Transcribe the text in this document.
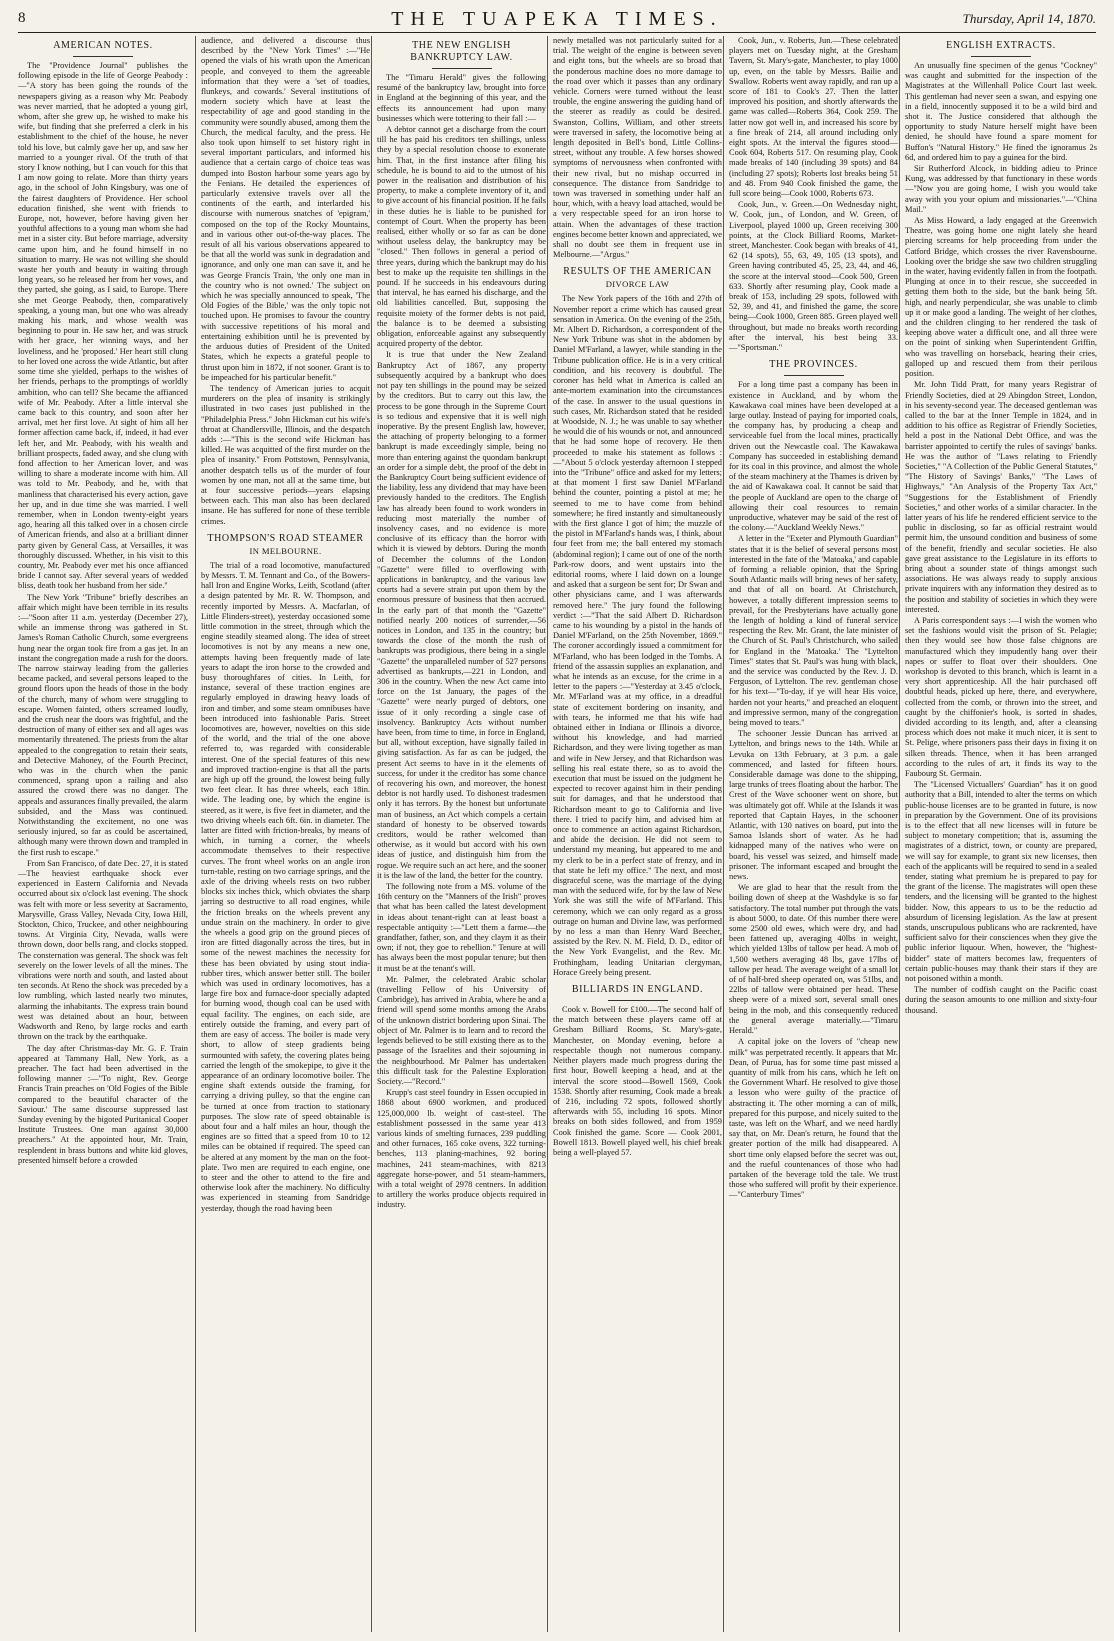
8	THE TUAPEKA TIMES.	Thursday, April 14, 1870.
AMERICAN NOTES.

The "Providence Journal" publishes the following episode in the life of George Peabody :—"A story has been going the rounds of the newspapers giving as a reason why Mr. Peabody was never married, that he adopted a young girl, whom, after she grew up, he wished to make his wife, but finding that she preferred a clerk in his establishment to the chief of the house, he never told his love, but calmly gave her up, and saw her married to a younger rival. Of the truth of that story I know nothing, but I can vouch for this that I am now going to relate. More than thirty years ago, in the school of John Kingsbury, was one of the fairest daughters of Providence. Her school education finished, she went with friends to Europe, not, however, before having given her youthful affections to a young man whom she had met in a sister city. But before marriage, adversity came upon him, and he found himself in no situation to marry. He was not willing she should waste her youth and beauty in waiting through long years, so he released her from her vows, and they parted, she going, as I said, to Europe. There she met George Peabody, then, comparatively speaking, a young man, but one who was already making his mark, and whose wealth was beginning to pour in. He saw her, and was struck with her grace, her winning ways, and her loveliness, and he 'proposed.' Her heart still clung to her loved one across the wide Atlantic, but after some time she yielded, perhaps to the wishes of her friends, perhaps to the promptings of worldly ambition, who can tell? She became the affianced wife of Mr. Peabody. After a little interval she came back to this country, and soon after her arrival, met her first love. At sight of him all her former affection came back, if, indeed, it had ever left her, and Mr. Peabody, with his wealth and brilliant prospects, faded away, and she clung with fond affection to her American lover, and was willing to share a moderate income with him. All was told to Mr. Peabody, and he, with that manliness that characterised his every action, gave her up, and in due time she was married. I well remember, when in London twenty-eight years ago, hearing all this talked over in a chosen circle of American friends, and also at a brilliant dinner party given by General Cass, at Versailles, it was thoroughly discussed. Whether, in his visit to this country, Mr. Peabody ever met his once affianced bride I cannot say. After several years of wedded bliss, death took her husband from her side."

The New York "Tribune" briefly describes an affair which might have been terrible in its results :—"Soon after 11 a.m. yesterday (December 27), while an immense throng was gathered in St. James's Roman Catholic Church, some evergreens hung near the organ took fire from a gas jet. In an instant the congregation made a rush for the doors. The narrow stairway leading from the galleries became packed, and several persons leaped to the ground floors upon the heads of those in the body of the church, many of whom were struggling to escape. Women fainted, others screamed loudly, and the crush near the doors was frightful, and the destruction of many of either sex and all ages was momentarily threatened. The priests from the altar appealed to the congregation to retain their seats, and Detective Mahoney, of the Fourth Precinct, who was in the church when the panic commenced, sprang upon a railing and also assured the crowd there was no danger. The appeals and assurances finally prevailed, the alarm subsided, and the Mass was continued. Notwithstanding the excitement, no one was seriously injured, so far as could be ascertained, although many were thrown down and trampled in the first rush to escape."

From San Francisco, of date Dec. 27, it is stated—The heaviest earthquake shock ever experienced in Eastern California and Nevada occurred about six o'clock last evening. The shock was felt with more or less severity at Sacramento, Marysville, Grass Valley, Nevada City, Iowa Hill, Stockton, Chico, Truckee, and other neighbouring towns. At Virginia City, Nevada, walls were thrown down, door bells rang, and clocks stopped. The consternation was general. The shock was felt severely on the lower levels of all the mines. The vibrations were north and south, and lasted about ten seconds. At Reno the shock was preceded by a low rumbling, which lasted nearly two minutes, alarming the inhabitants. The express train bound west was detained about an hour, between Wadsworth and Reno, by large rocks and earth thrown on the track by the earthquake.

The day after Christmas-day Mr. G. F. Train appeared at Tammany Hall, New York, as a preacher. The fact had been advertised in the following manner :—"To night, Rev. George Francis Train preaches on 'Old Fogies of the Bible compared to the beautiful character of the Saviour.' The same discourse suppressed last Sunday evening by the bigoted Puritanical Cooper Institute Trustees. One man against 30,000 preachers." At the appointed hour, Mr. Train, resplendent in brass buttons and white kid gloves, presented himself before a crowded

audience, and delivered a discourse thus described by the "New York Times" :—"He opened the vials of his wrath upon the American people, and conveyed to them the agreeable information that they were a 'set of toadies, flunkeys, and cowards.' Several institutions of modern society which have at least the respectability of age and good standing in the community were soundly abused, among them the Church, the medical faculty, and the press. He also took upon himself to set history right in several important particulars, and informed his audience that a certain cargo of choice teas was dumped into Boston harbour some years ago by the Fenians. He detailed the experiences of particularly extensive travels over all the continents of the earth, and interlarded his discourse with numerous snatches of 'epigram,' composed on the top of the Rocky Mountains, and in various other out-of-the-way places. The result of all his various observations appeared to be that all the world was sunk in degradation and ignorance, and only one man can save it, and he was George Francis Train, 'the only one man in the country who is not owned.' The subject on which he was specially announced to speak, 'The Old Fogies of the Bible,' was the only topic not touched upon. He promises to favour the country with successive repetitions of his moral and entertaining exhibition until he is prevented by the arduous duties of President of the United States, which he expects a grateful people to thrust upon him in 1872, if not sooner. Grant is to be impeached for his particular benefit."

The tendency of American juries to acquit murderers on the plea of insanity is strikingly illustrated in two cases just published in the "Philadelphia Press." John Hickman cut his wife's throat at Chandlersville, Illinois, and the despatch adds :—"This is the second wife Hickman has killed. He was acquitted of the first murder on the plea of insanity." From Pottstown, Pennsylvania, another despatch tells us of the murder of four women by one man, not all at the same time, but at four successive periods—years elapsing between each. This man also has been declared insane. He has suffered for none of these terrible crimes.

THOMPSON'S ROAD STEAMER
IN MELBOURNE.

The trial of a road locomotive, manufactured by Messrs. T. M. Tennant and Co., of the Bowers-hall Iron and Engine Works, Leith, Scotland (after a design patented by Mr. R. W. Thompson, and recently imported by Messrs. A. Macfarlan, of Little Flinders-street), yesterday occasioned some little commotion in the street, through which the engine steadily steamed along. The idea of street locomotives is not by any means a new one, attempts having been frequently made of late years to adapt the iron horse to the crowded and busy thoroughfares of cities. In Leith, for instance, several of these traction engines are regularly employed in drawing heavy loads of iron and timber, and some steam omnibuses have been introduced into fashionable Paris. Street locomotives are, however, novelties on this side of the world, and the trial of the one above referred to, was regarded with considerable interest. One of the special features of this new and improved traction-engine is that all the parts are high up off the ground, the lowest being fully two feet clear. It has three wheels, each 18in. wide. The leading one, by which the engine is steered, as it were, is five feet in diameter, and the two driving wheels each 6ft. 6in. in diameter. The latter are fitted with friction-breaks, by means of which, in turning a corner, the wheels accommodate themselves to their respective curves. The front wheel works on an angle iron turn-table, resting on two carriage springs, and the axle of the driving wheels rests on two rubber blocks six inches thick, which obviates the sharp jarring so destructive to all road engines, while the friction breaks on the wheels prevent any undue strain on the machinery. In order to give the wheels a good grip on the ground pieces of iron are fitted diagonally across the tires, but in some of the newest machines the necessity for these has been obviated by using stout india-rubber tires, which answer better still. The boiler which was used in ordinary locomotives, has a large fire box and furnace-door specially adapted for burning wood, though coal can be used with equal facility. The engines, on each side, are entirely outside the framing, and every part of them are easy of access. The boiler is made very short, to allow of steep gradients being surmounted with safety, the covering plates being carried the length of the smokepipe, to give it the appearance of an ordinary locomotive boiler. The engine shaft extends outside the framing, for carrying a driving pulley, so that the engine can be turned at once from traction to stationary purposes. The slow rate of speed obtainable is about four and a half miles an hour, though the engines are so fitted that a speed from 10 to 12 miles can be obtained if required. The speed can be altered at any moment by the man on the foot-plate. Two men are required to each engine, one to steer and the other to attend to the fire and otherwise look after the machinery. No difficulty was experienced in steaming from Sandridge yesterday, though the road having been

THE NEW ENGLISH BANKRUPTCY LAW.

The "Timaru Herald" gives the following resumé of the bankruptcy law, brought into force in England at the beginning of this year, and the effects its announcement had upon many businesses which were tottering to their fall :—

A debtor cannot get a discharge from the court till he has paid his creditors ten shillings, unless they by a special resolution choose to exonerate him. That, in the first instance after filing his schedule, he is bound to aid to the utmost of his power in the realisation and distribution of his property, to make a complete inventory of it, and to give account of his financial position. If he fails in these duties he is liable to be punished for contempt of Court. When the property has been realised, either wholly or so far as can be done without useless delay, the bankruptcy may be "closed." Then follows in general a period of three years, during which the bankrupt may do his best to make up the requisite ten shillings in the pound. If he succeeds in his endeavours during that interval, he has earned his discharge, and the old liabilities cancelled. But, supposing the requisite moiety of the former debts is not paid, the balance is to be deemed a subsisting obligation, enforceable against any subsequently acquired property of the debtor.

It is true that under the New Zealand Bankruptcy Act of 1867, any property subsequently acquired by a bankrupt who does not pay ten shillings in the pound may be seized by the creditors. But to carry out this law, the process to be gone through in the Supreme Court is so tedious and expensive that it is well nigh inoperative. By the present English law, however, the attaching of property belonging to a former bankrupt is made exceedingly simple, being no more than entering against the quondam bankrupt an order for a simple debt, the proof of the debt in the Bankruptcy Court being sufficient evidence of the liability, less any dividend that may have been previously handed to the creditors. The English law has already been found to work wonders in reducing most materially the number of insolvency cases, and no evidence is more conclusive of its efficacy than the horror with which it is viewed by debtors. During the month of December the columns of the London "Gazette" were filled to overflowing with applications in bankruptcy, and the various law courts had a severe strain put upon them by the enormous pressure of business that then accrued. In the early part of that month the "Gazette" notified nearly 200 notices of surrender,—56 notices in London, and 135 in the country; but towards the close of the month the rush of bankrupts was prodigious, there being in a single "Gazette" the unparalleled number of 527 persons advertised as bankrupts,—221 in London, and 306 in the country. When the new Act came into force on the 1st January, the pages of the "Gazette" were nearly purged of debtors, one issue of it only recording a single case of insolvency. Bankruptcy Acts without number have been, from time to time, in force in England, but all, without exception, have signally failed in giving satisfaction. As far as can be judged, the present Act seems to have in it the elements of success, for under it the creditor has some chance of recovering his own, and moreover, the honest debtor is not hardly used. To dishonest tradesmen only it has terrors. By the honest but unfortunate man of business, an Act which compels a certain standard of honesty to be observed towards creditors, would be rather welcomed than otherwise, as it would but accord with his own ideas of justice, and distinguish him from the rogue. We require such an act here, and the sooner it is the law of the land, the better for the country.

The following note from a MS. volume of the 16th century on the "Manners of the Irish" proves that what has been called the latest development in ideas about tenant-right can at least boast a respectable antiquity :—"Lett them a farme—the grandfather, father, son, and they claym it as their own; if not, they goe to rebellion." Tenure at will has always been the most popular tenure; but then it must be at the tenant's will.

Mr. Palmer, the celebrated Arabic scholar (travelling Fellow of his University of Cambridge), has arrived in Arabia, where he and a friend will spend some months among the Arabs of the unknown district bordering upon Sinai. The object of Mr. Palmer is to learn and to record the legends believed to be still existing there as to the passage of the Israelites and their sojourning in the neighbourhood. Mr Palmer has undertaken this difficult task for the Palestine Exploration Society.—"Record."

Krupp's cast steel foundry in Essen occupied in 1868 about 6900 workmen, and produced 125,000,000 lb. weight of cast-steel. The establishment possessed in the same year 413 various kinds of smelting furnaces, 239 puddling and other furnaces, 165 coke ovens, 322 turning-benches, 113 planing-machines, 92 boring machines, 241 steam-machines, with 8213 aggregate horse-power, and 51 steam-hammers, with a total weight of 2978 centners. In addition to artillery the works produce objects required in industry.

newly metalled was not particularly suited for a trial. The weight of the engine is between seven and eight tons, but the wheels are so broad that the ponderous machine does no more damage to the road over which it passes than any ordinary vehicle. Corners were turned without the least trouble, the engine answering the guiding hand of the steerer as readily as could be desired. Swanston, Collins, William, and other streets were traversed in safety, the locomotive being at length deposited in Bell's bond, Little Collins-street, without any trouble. A few horses showed symptoms of nervousness when confronted with their new rival, but no mishap occurred in consequence. The distance from Sandridge to town was traversed in something under half an hour, which, with a heavy load attached, would be a very respectable speed for an iron horse to attain. When the advantages of these traction engines become better known and appreciated, we shall no doubt see them in frequent use in Melbourne.—"Argus."

RESULTS OF THE AMERICAN
DIVORCE LAW

The New York papers of the 16th and 27th of November report a crime which has caused great sensation in America. On the evening of the 25th, Mr. Albert D. Richardson, a correspondent of the New York Tribune was shot in the abdomen by Daniel M'Farland, a lawyer, while standing in the Tribune publication office. He is in a very critical condition, and his recovery is doubtful. The coroner has held what in America is called an ante-mortem examination into the circumstances of the case. In answer to the usual questions in such cases, Mr. Richardson stated that he resided at Woodside, N. J.; he was unable to say whether he would die of his wounds or not, and announced that he had some hope of recovery. He then proceeded to make his statement as follows :—"About 5 o'clock yesterday afternoon I stepped into the "Tribune" office and asked for my letters; at that moment I first saw Daniel M'Farland behind the counter, pointing a pistol at me; he seemed to me to have come from behind somewhere; he fired instantly and simultaneously with the first glance I got of him; the muzzle of the pistol in M'Farland's hands was, I think, about four feet from me; the ball entered my stomach (abdominal region); I came out of one of the north Park-row doors, and went upstairs into the editorial rooms, where I laid down on a lounge and asked that a surgeon be sent for; Dr Swan and other physicians came, and I was afterwards removed here." The jury found the following verdict :—"That the said Albert D. Richardson came to his wounding by a pistol in the hands of Daniel M'Farland, on the 25th November, 1869." The coroner accordingly issued a commitment for M'Farland, who has been lodged in the Tombs. A friend of the assassin supplies an explanation, and what he intends as an excuse, for the crime in a letter to the papers :—"Yesterday at 3.45 o'clock, Mr. M'Farland was at my office, in a dreadful state of excitement bordering on insanity, and with tears, he informed me that his wife had obtained either in Indiana or Illinois a divorce, without his knowledge, and had married Richardson, and they were living together as man and wife in New Jersey, and that Richardson was selling his real estate there, so as to avoid the execution that must be issued on the judgment he expected to recover against him in their pending suit for damages, and that he understood that Richardson meant to go to California and live there. I tried to pacify him, and advised him at once to commence an action against Richardson, and abide the decision. He did not seem to understand my meaning, but appeared to me and my clerk to be in a perfect state of frenzy, and in that state he left my office." The next, and most disgraceful scene, was the marriage of the dying man with the seduced wife, for by the law of New York she was still the wife of M'Farland. This ceremony, which we can only regard as a gross outrage on human and Divine law, was performed by no less a man than Henry Ward Beecher, assisted by the Rev. N. M. Field, D. D., editor of the New York Evangelist, and the Rev. Mr. Frothingham, leading Unitarian clergyman, Horace Greely being present.

BILLIARDS IN ENGLAND.

Cook v. Bowell for £100.—The second half of the match between these players came off at Gresham Billiard Rooms, St. Mary's-gate, Manchester, on Monday evening, before a respectable though not numerous company. Neither players made much progress during the first hour, Bowell keeping a head, and at the interval the score stood—Bowell 1569, Cook 1538. Shortly after resuming, Cook made a break of 216, including 72 spots, followed shortly afterwards with 55, including 16 spots. Minor breaks on both sides followed, and from 1959 Cook finished the game. Score — Cook 2001, Bowell 1813. Bowell played well, his chief break being a well-played 57.

Cook, Jun., v. Roberts, Jun.—These celebrated players met on Tuesday night, at the Gresham Tavern, St. Mary's-gate, Manchester, to play 1000 up, even, on the table by Messrs. Bailie and Swallow. Roberts went away rapidly, and ran up a score of 181 to Cook's 27. Then the latter improved his position, and shortly afterwards the game was called—Roberts 364, Cook 259. The latter now got well in, and increased his score by a fine break of 214, all around including only eight spots. At the interval the figures stood—Cook 604, Roberts 517. On resuming play, Cook made breaks of 140 (including 39 spots) and 84 (including 27 spots); Roberts lost breaks being 51 and 48. From 940 Cook finished the game, the full score being—Cook 1000, Roberts 673.

Cook, Jun., v. Green.—On Wednesday night, W. Cook, jun., of London, and W. Green, of Liverpool, played 1000 up, Green receiving 300 points, at the Clock Billiard Rooms, Market-street, Manchester. Cook began with breaks of 41, 62 (14 spots), 55, 63, 49, 105 (13 spots), and Green having contributed 45, 25, 23, 44, and 46, the score at the interval stood—Cook 500, Green 633. Shortly after resuming play, Cook made a break of 153, including 29 spots, followed with 52, 39, and 41, and finished the game, the score being—Cook 1000, Green 885. Green played well throughout, but made no breaks worth recording after the interval, his best being 33.—"Sportsman."

THE PROVINCES.

For a long time past a company has been in existence in Auckland, and by whom the Kawakawa coal mines have been developed at a large outlay. Instead of paying for imported coals, the company has, by producing a cheap and serviceable fuel from the local mines, practically driven out the Newcastle coal. The Kawakawa Company has succeeded in establishing demand for its coal in this province, and almost the whole of the steam machinery at the Thames is driven by the aid of Kawakawa coal. It cannot be said that the people of Auckland are open to the charge of allowing their coal resources to remain unproductive, whatever may be said of the rest of the colony.—"Auckland Weekly News."

A letter in the "Exeter and Plymouth Guardian" states that it is the belief of several persons most interested in the fate of the 'Matoaka,' and capable of forming a reliable opinion, that the Spring South Atlantic mails will bring news of her safety, and that of all on board. At Christchurch, however, a totally different impression seems to prevail, for the Presbyterians have actually gone the length of holding a kind of funeral service respecting the Rev. Mr. Grant, the late minister of the Church of St. Paul's Christchurch, who sailed for England in the 'Matoaka.' The "Lyttelton Times" states that St. Paul's was hung with black, and the service was conducted by the Rev. J. D. Ferguson, of Lyttelton. The rev. gentleman chose for his text—"To-day, if ye will hear His voice, harden not your hearts," and preached an eloquent and impressive sermon, many of the congregation being moved to tears."

The schooner Jessie Duncan has arrived at Lyttelton, and brings news to the 14th. While at Levuka on 13th February, at 3 p.m. a gale commenced, and lasted for fifteen hours. Considerable damage was done to the shipping, large trunks of trees floating about the harbor. The Crest of the Wave schooner went on shore, but was ultimately got off. While at the Islands it was reported that Captain Hayes, in the schooner Atlantic, with 130 natives on board, put into the Samoa Islands short of water. As he had kidnapped many of the natives who were on board, his vessel was seized, and himself made prisoner. The informant escaped and brought the news.

We are glad to hear that the result from the boiling down of sheep at the Washdyke is so far satisfactory. The total number put through the vats is about 5000, to date. Of this number there were some 2500 old ewes, which were dry, and had been fattened up, averaging 40lbs in weight, which yielded 13lbs of tallow per head. A mob of 1,500 wethers averaging 48 lbs, gave 17lbs of tallow per head. The average weight of a small lot of of half-bred sheep operated on, was 51lbs, and 22lbs of tallow were obtained per head. These sheep were of a mixed sort, several small ones being in the mob, and this consequently reduced the general average materially.—"Timaru Herald."

A capital joke on the lovers of "cheap new milk" was perpetrated recently. It appears that Mr. Dean, of Purua, has for some time past missed a quantity of milk from his cans, which he left on the Government Wharf. He resolved to give those a lesson who were guilty of the practice of abstracting it. The other morning a can of milk, prepared for this purpose, and nicely suited to the taste, was left on the Wharf, and we need hardly say that, on Mr. Dean's return, he found that the greater portion of the milk had disappeared. A short time only elapsed before the secret was out, and the rueful countenances of those who had partaken of the beverage told the tale. We trust those who suffered will profit by their experience.—"Canterbury Times"

ENGLISH EXTRACTS.

An unusually fine specimen of the genus "Cockney" was caught and submitted for the inspection of the Magistrates at the Willenhall Police Court last week. This gentleman had never seen a swan, and espying one in a field, innocently supposed it to be a wild bird and shot it. The Justice considered that although the opportunity to study Nature herself might have been denied, he should have found a spare moment for Buffon's "Natural History." He fined the ignoramus 2s 6d, and ordered him to pay a guinea for the bird.

Sir Rutherford Alcock, in bidding adieu to Prince Kung, was addressed by that functionary in these words—"Now you are going home, I wish you would take away with you your opium and missionaries."—"China Mail."

As Miss Howard, a lady engaged at the Greenwich Theatre, was going home one night lately she heard piercing screams for help proceeding from under the Catford Bridge, which crosses the river Ravensbourne. Looking over the bridge she saw two children struggling in the water, having evidently fallen in from the footpath. Plunging at once in to their rescue, she succeeded in getting them both to the side, but the bank being 5ft. high, and nearly perpendicular, she was unable to climb up it or make good a landing. The weight of her clothes, and the children clinging to her rendered the task of keeping above water a difficult one, and all three were on the point of sinking when Superintendent Griffin, who was travelling on horseback, hearing their cries, galloped up and rescued them from their perilous position.

Mr. John Tidd Pratt, for many years Registrar of Friendly Societies, died at 29 Abingdon Street, London, in his seventy-second year. The deceased gentleman was called to the bar at the Inner Temple in 1824, and in addition to his office as Registrar of Friendly Societies, held a post in the National Debt Office, and was the barrister appointed to certify the rules of savings' banks. He was the author of "Laws relating to Friendly Societies," "A Collection of the Public General Statutes," "The History of Savings' Banks," "The Laws of Highways," "An Analysis of the Property Tax Act," "Suggestions for the Establishment of Friendly Societies," and other works of a similar character. In the latter years of his life he rendered efficient service to the public in disclosing, so far as official restraint would permit him, the unsound condition and business of some of the benefit, friendly and secular societies. He also gave great assistance to the Legislature in its efforts to bring about a sounder state of things amongst such associations. He was always ready to supply anxious private inquirers with any information they desired as to the position and stability of societies in which they were interested.

A Paris correspondent says :—I wish the women who set the fashions would visit the prison of St. Pelagie; then they would see how those false chignons are manufactured which they impudently hang over their napes or suffer to float over their shoulders. One workshop is devoted to this branch, which is learnt in a very short apprenticeship. All the hair purchased off doubtful heads, picked up here, there, and everywhere, collected from the comb, or thrown into the street, and caught by the chiffonier's hook, is sorted in shades, divided according to its length, and, after a cleansing process which does not make it much nicer, it is sent to St. Pelige, where prisoners pass their days in fixing it on silken threads. Thence, when it has been arranged according to the rules of art, it finds its way to the Faubourg St. Germain.

The "Licensed Victuallers' Guardian" has it on good authority that a Bill, intended to alter the terms on which public-house licenses are to be granted in future, is now in preparation by the Government. One of its provisions is to the effect that all new licenses will in future be subject to monetary competition; that is, assuming the magistrates of a district, town, or county are prepared, we will say for example, to grant six new licenses, then each of the applicants will be required to send in a sealed tender, stating what premium he is prepared to pay for the grant of the license. The magistrates will open these tenders, and the licensing will be granted to the highest bidder. Now, this appears to us to be the reductio ad absurdum of licensing legislation. As the law at present stands, unscrupulous publicans who are rackrented, have sufficient salvo for their consciences when they give the public inferior liquour. When, however, the "highest-bidder" state of matters becomes law, frequenters of certain public-houses may thank their stars if they are not poisoned within a month.

The number of codfish caught on the Pacific coast during the season amounts to one million and sixty-four thousand.
